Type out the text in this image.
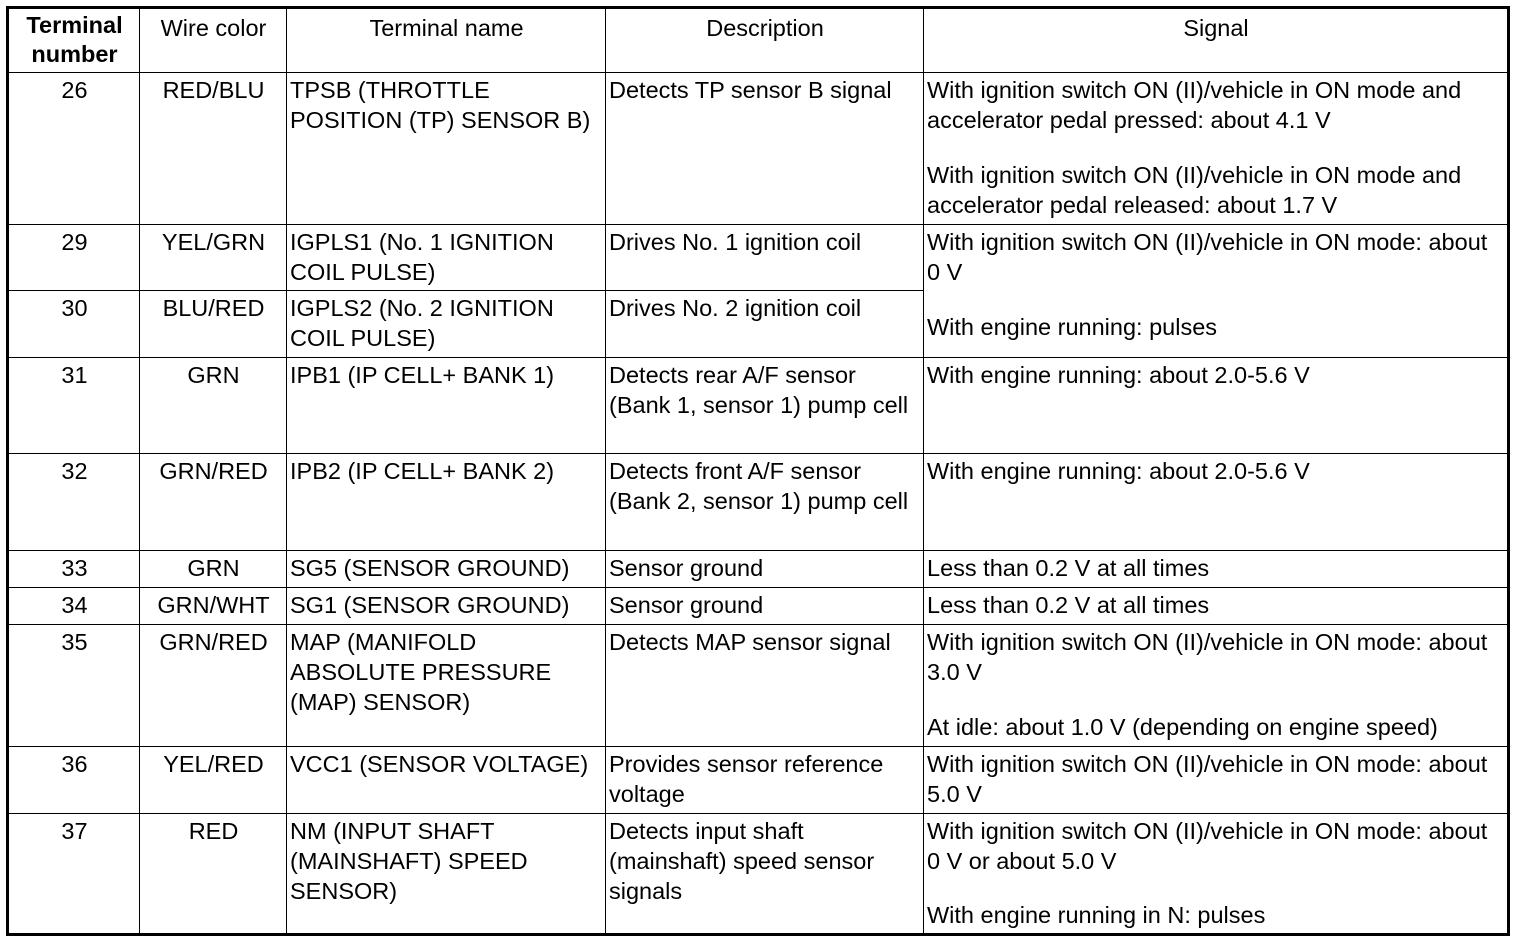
Terminal number	Wire color	Terminal name	Description	Signal
26	RED/BLU	TPSB (THROTTLE POSITION (TP) SENSOR B)	Detects TP sensor B signal	With ignition switch ON (II)/vehicle in ON mode and accelerator pedal pressed: about 4.1 V
With ignition switch ON (II)/vehicle in ON mode and accelerator pedal released: about 1.7 V

29	YEL/GRN	IGPLS1 (No. 1 IGNITION COIL PULSE)	Drives No. 1 ignition coil	With ignition switch ON (II)/vehicle in ON mode: about 0 V
With engine running: pulses

30	BLU/RED	IGPLS2 (No. 2 IGNITION COIL PULSE)	Drives No. 2 ignition coil	
31	GRN	IPB1 (IP CELL+ BANK 1)	Detects rear A/F sensor (Bank 1, sensor 1) pump cell	With engine running: about 2.0-5.6 V

32	GRN/RED	IPB2 (IP CELL+ BANK 2)	Detects front A/F sensor (Bank 2, sensor 1) pump cell	With engine running: about 2.0-5.6 V

33	GRN	SG5 (SENSOR GROUND)	Sensor ground	Less than 0.2 V at all times

34	GRN/WHT	SG1 (SENSOR GROUND)	Sensor ground	Less than 0.2 V at all times

35	GRN/RED	MAP (MANIFOLD ABSOLUTE PRESSURE (MAP) SENSOR)	Detects MAP sensor signal	With ignition switch ON (II)/vehicle in ON mode: about 3.0 V
At idle: about 1.0 V (depending on engine speed)

36	YEL/RED	VCC1 (SENSOR VOLTAGE)	Provides sensor reference voltage	With ignition switch ON (II)/vehicle in ON mode: about 5.0 V

37	RED	NM (INPUT SHAFT (MAINSHAFT) SPEED SENSOR)	Detects input shaft (mainshaft) speed sensor signals	With ignition switch ON (II)/vehicle in ON mode: about 0 V or about 5.0 V
With engine running in N: pulses
